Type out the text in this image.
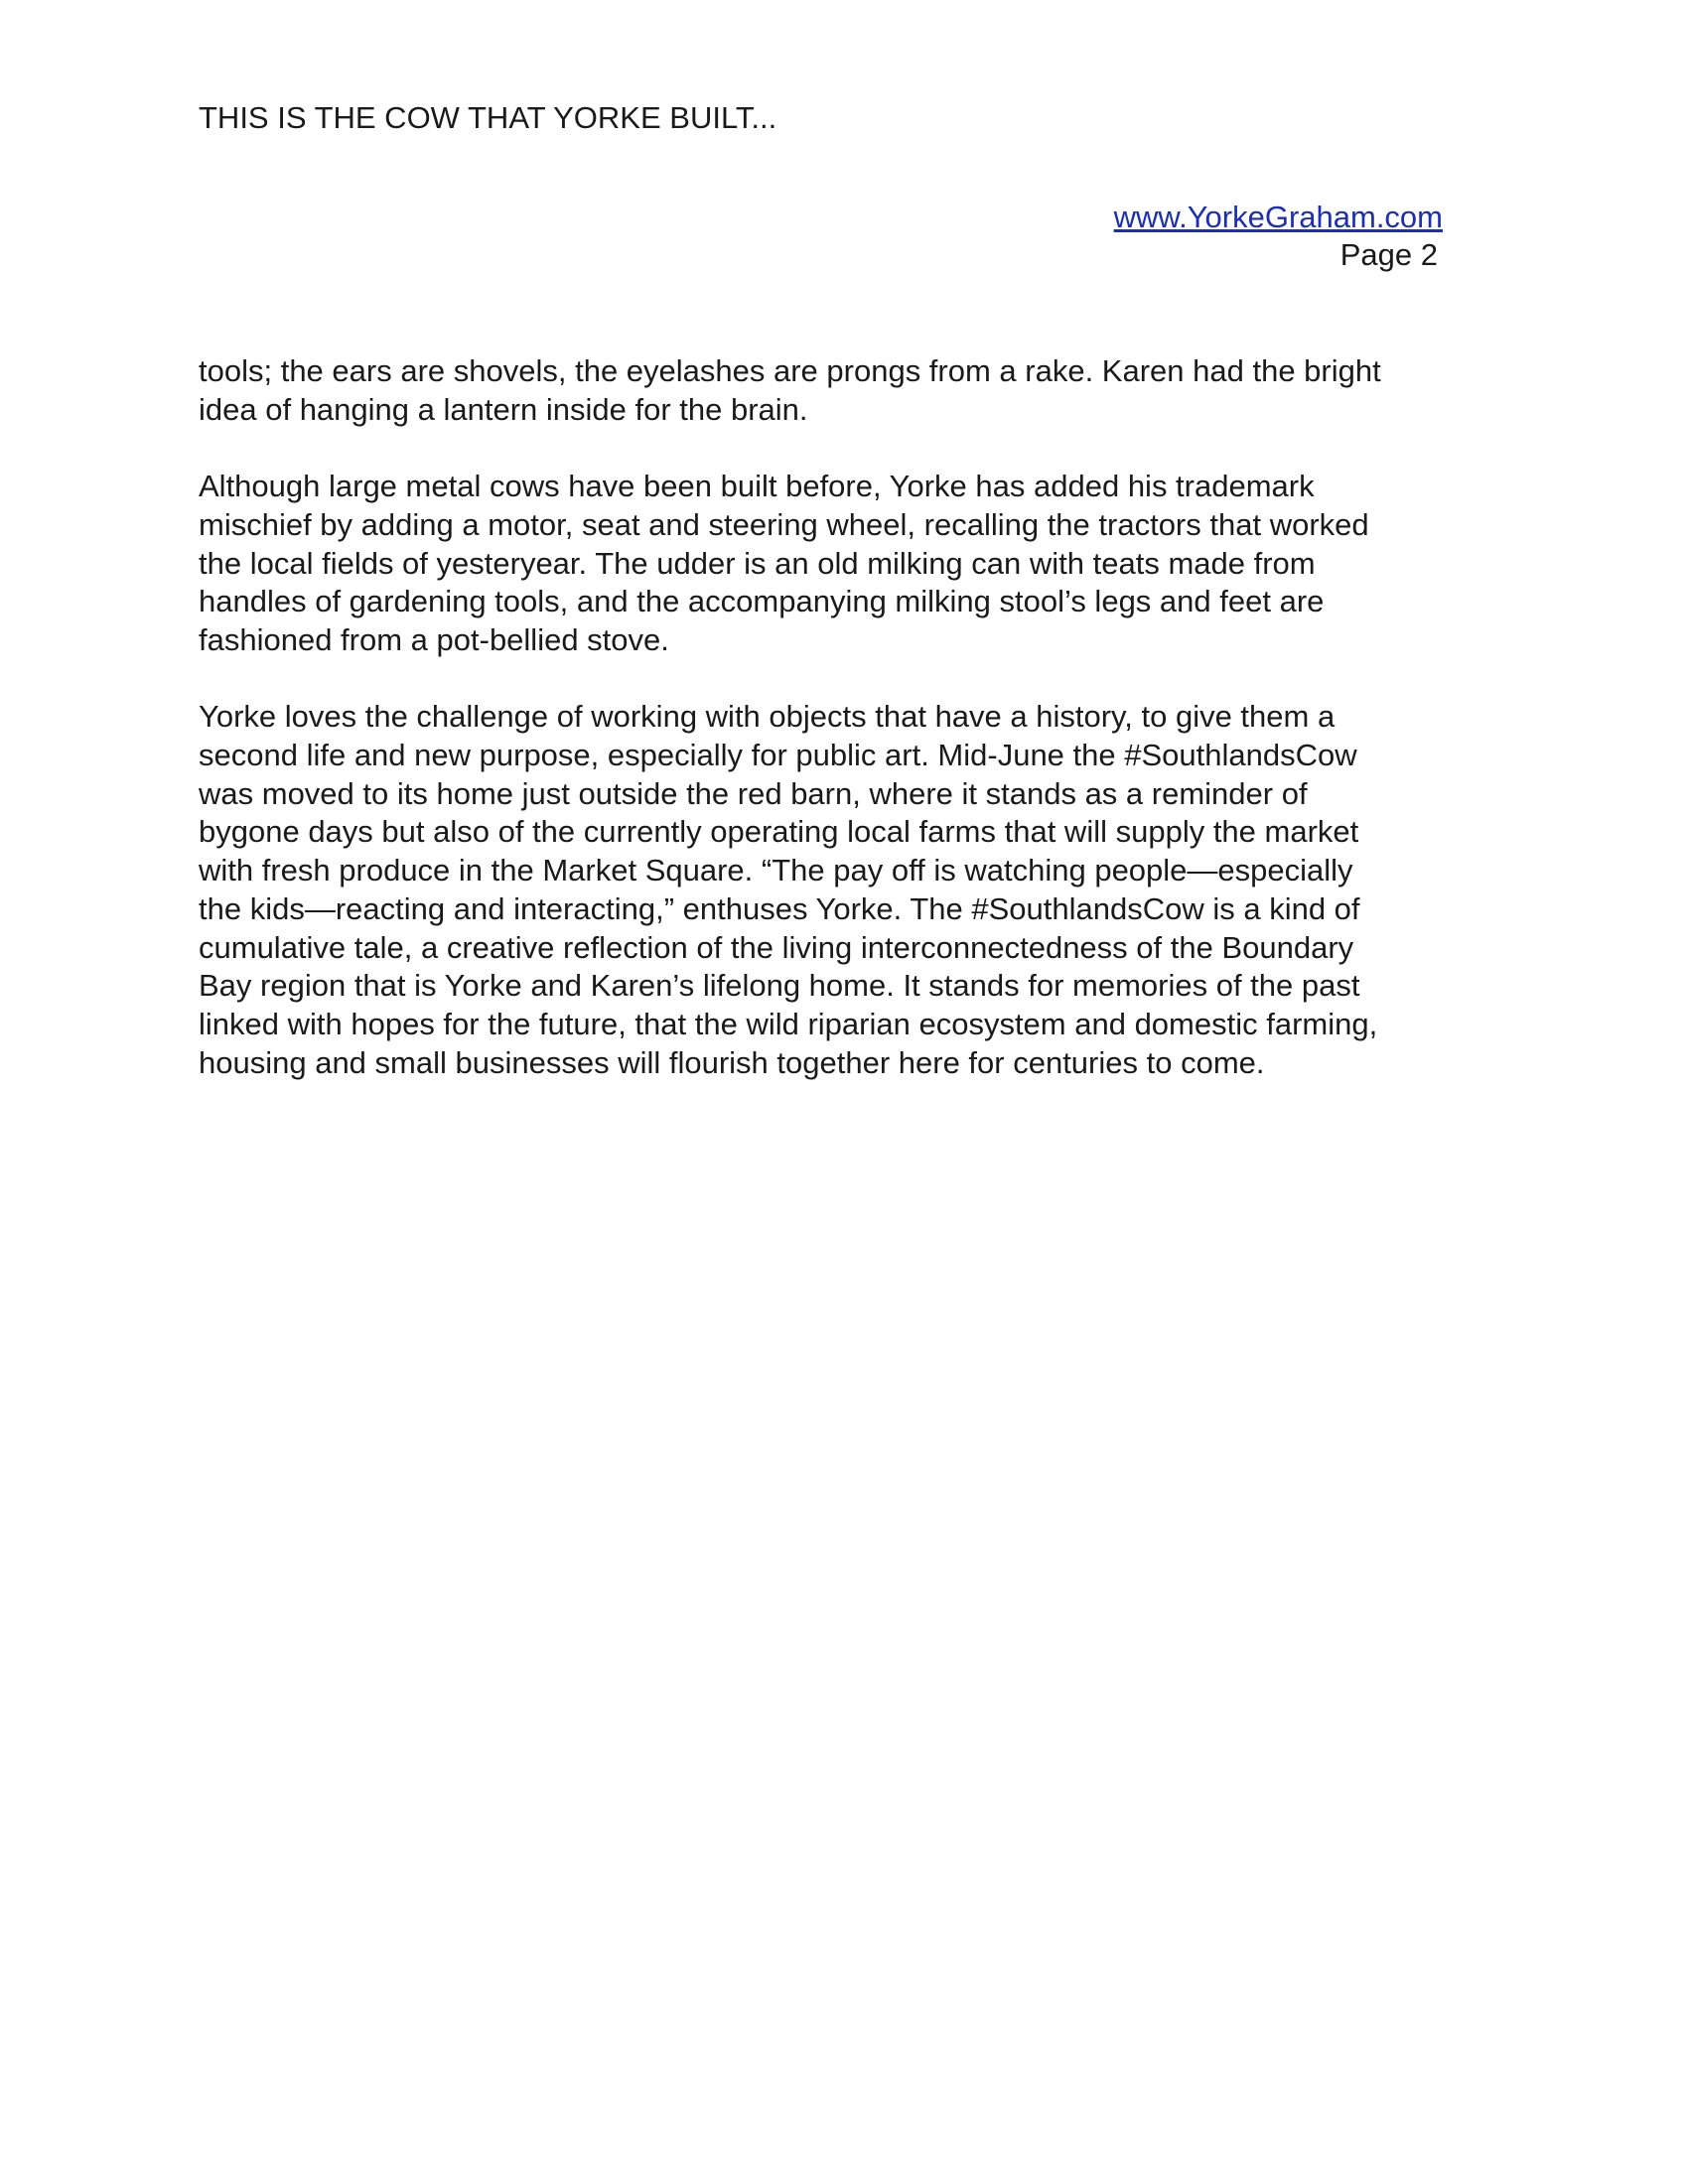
THIS IS THE COW THAT YORKE BUILT...
www.YorkeGraham.com
Page 2

tools; the ears are shovels, the eyelashes are prongs from a rake. Karen had the bright
idea of hanging a lantern inside for the brain.

Although large metal cows have been built before, Yorke has added his trademark
mischief by adding a motor, seat and steering wheel, recalling the tractors that worked
the local fields of yesteryear. The udder is an old milking can with teats made from
handles of gardening tools, and the accompanying milking stool’s legs and feet are
fashioned from a pot-bellied stove.

Yorke loves the challenge of working with objects that have a history, to give them a
second life and new purpose, especially for public art. Mid-June the #SouthlandsCow
was moved to its home just outside the red barn, where it stands as a reminder of
bygone days but also of the currently operating local farms that will supply the market
with fresh produce in the Market Square. “The pay off is watching people—especially
the kids—reacting and interacting,” enthuses Yorke. The #SouthlandsCow is a kind of
cumulative tale, a creative reflection of the living interconnectedness of the Boundary
Bay region that is Yorke and Karen’s lifelong home. It stands for memories of the past
linked with hopes for the future, that the wild riparian ecosystem and domestic farming,
housing and small businesses will flourish together here for centuries to come.
